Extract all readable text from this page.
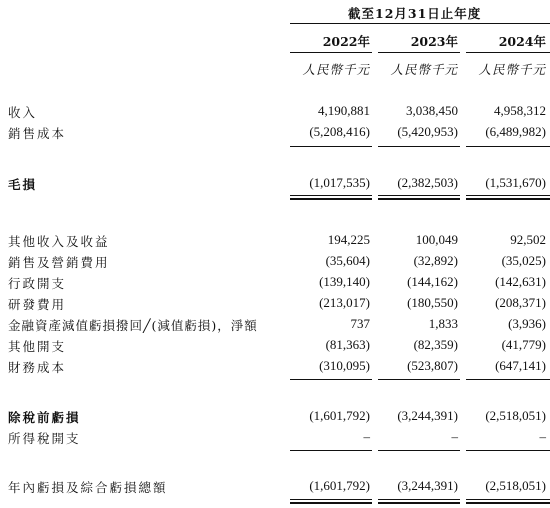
截至12月31日止年度
2022年	2023年	2024年
人民幣千元	人民幣千元	人民幣千元
收入	4,190,881	3,038,450	4,958,312
銷售成本	(5,208,416)	(5,420,953)	(6,489,982)
毛損	(1,017,535)	(2,382,503)	(1,531,670)
其他收入及收益	194,225	100,049	92,502
銷售及營銷費用	(35,604)	(32,892)	(35,025)
行政開支	(139,140)	(144,162)	(142,631)
研發費用	(213,017)	(180,550)	(208,371)
金融資產減值虧損撥回╱(減值虧損)，淨額	737	1,833	(3,936)
其他開支	(81,363)	(82,359)	(41,779)
財務成本	(310,095)	(523,807)	(647,141)
除稅前虧損	(1,601,792)	(3,244,391)	(2,518,051)
所得稅開支	–	–	–
年內虧損及綜合虧損總額	(1,601,792)	(3,244,391)	(2,518,051)
